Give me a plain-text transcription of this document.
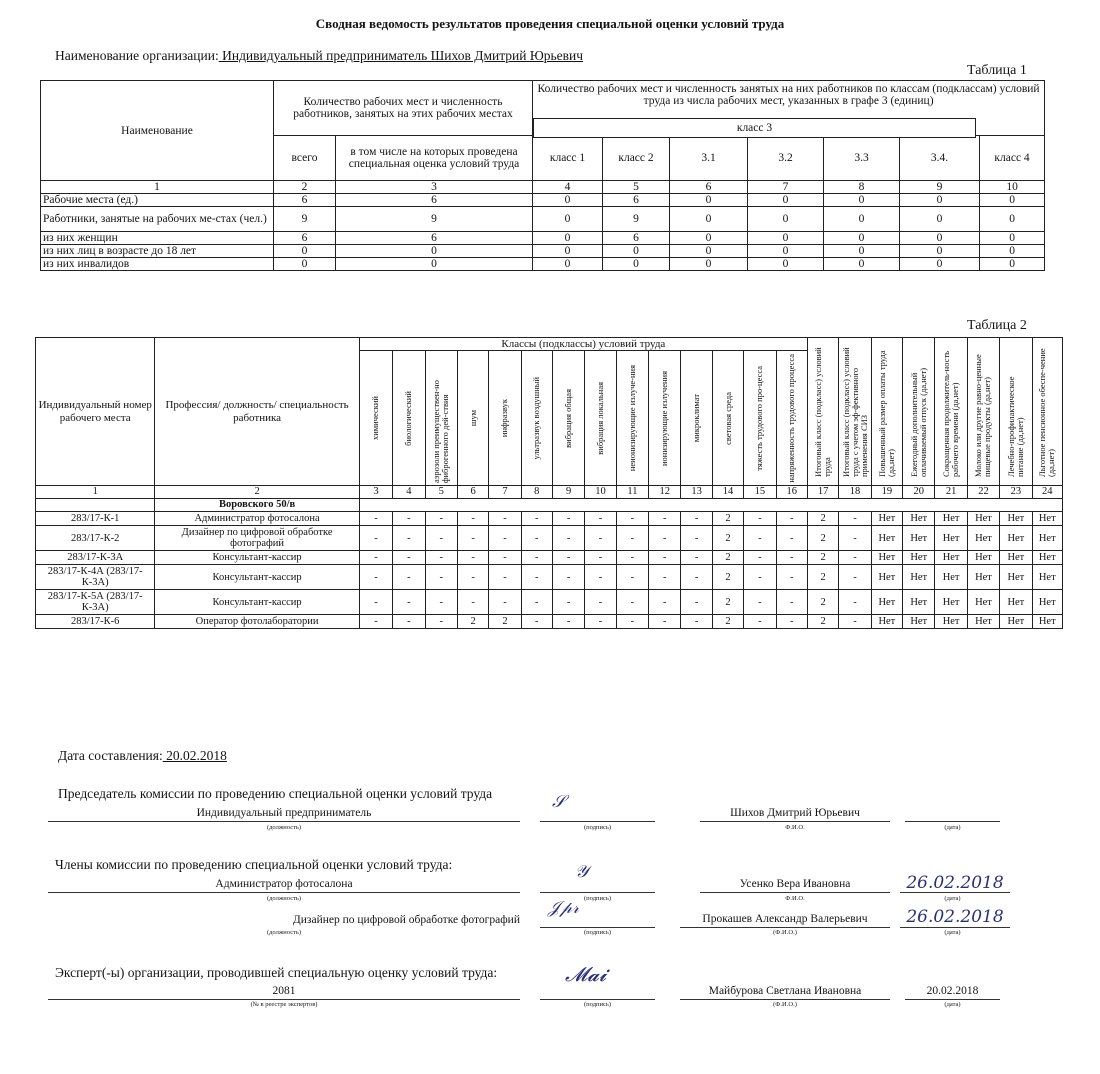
Сводная ведомость результатов проведения специальной оценки условий труда
Наименование организации: Индивидуальный предприниматель Шихов Дмитрий Юрьевич
Таблица 1
Наименование	Количество рабочих мест и численность работников, занятых на этих рабочих местах		Количество рабочих мест и численность занятых на них работников по классам (подклассам) условий труда из числа рабочих мест, указанных в графе 3 (единиц)						
	всего	в том числе на которых проведена специальная оценка условий труда	класс 1	класс 2	3.1	3.2	3.3	3.4.	класс 4
1	2	3	4	5	6	7	8	9	10
Рабочие места (ед.)	6	6	0	6	0	0	0	0	0
Работники, занятые на рабочих ме-стах (чел.)	9	9	0	9	0	0	0	0	0
из них женщин	6	6	0	6	0	0	0	0	0
из них лиц в возрасте до 18 лет	0	0	0	0	0	0	0	0	0
из них инвалидов	0	0	0	0	0	0	0	0	0
класс 3
Таблица 2
Индивидуальный номер рабочего места	Профессия/ должность/ специальность работника	Классы (подклассы) условий труда														Итоговый класс (подкласс) условий труда	Итоговый класс (подкласс) условий труда с учетом эф-фективного применения СИЗ	Повышенный размер оплаты труда (да,нет)	Ежегодный дополнительный оплачиваемый отпуск (да,нет)	Сокращенная продолжитель-ность рабочего времени (да,нет)	Молоко или другие равно-ценные пищевые продукты (да,нет)	Лечебно-профилактическое питание (да,нет)	Льготное пенсионное обеспе-чение (да,нет)

		химический	биологический	аэрозоли преимуществен-но фиброгенного дей-ствия	шум	инфразвук	ультразвук воздушный	вибрация общая	вибрация локальная	неионизирующие излуче-ния	ионизирующие излучения	микроклимат	световая среда	тяжесть трудового про-цесса	напряженность трудового процесса								

1	2	3	4	5	6	7	8	9	10	11	12	13	14	15	16	17	18	19	20	21	22	23	24
	Воровского 50/в																						
283/17-К-1	Администратор фотосалона	-	-	-	-	-	-	-	-	-	-	-	2	-	-	2	-	Нет	Нет	Нет	Нет	Нет	Нет
283/17-К-2	Дизайнер по цифровой обработке фотографий	-	-	-	-	-	-	-	-	-	-	-	2	-	-	2	-	Нет	Нет	Нет	Нет	Нет	Нет
283/17-К-3А	Консультант-кассир	-	-	-	-	-	-	-	-	-	-	-	2	-	-	2	-	Нет	Нет	Нет	Нет	Нет	Нет
283/17-К-4А (283/17-К-3А)	Консультант-кассир	-	-	-	-	-	-	-	-	-	-	-	2	-	-	2	-	Нет	Нет	Нет	Нет	Нет	Нет
283/17-К-5А (283/17-К-3А)	Консультант-кассир	-	-	-	-	-	-	-	-	-	-	-	2	-	-	2	-	Нет	Нет	Нет	Нет	Нет	Нет
283/17-К-6	Оператор фотолаборатории	-	-	-	2	2	-	-	-	-	-	-	2	-	-	2	-	Нет	Нет	Нет	Нет	Нет	Нет
Дата составления: 20.02.2018
Председатель комиссии по проведению специальной оценки условий труда
Индивидуальный предприниматель
(должность)	(подпись)
𝒮
Шихов Дмитрий Юрьевич
Ф.И.О.	(дата)
Члены комиссии по проведению специальной оценки условий труда:
Администратор фотосалона
(должность)	(подпись)
𝒴
Усенко Вера Ивановна
Ф.И.О.
26.02.2018
(дата)
Дизайнер по цифровой обработке фотографий
(должность)	(подпись)
𝒥𝓅𝓇
Прокашев Александр Валерьевич
(Ф.И.О.)
26.02.2018
(дата)
Эксперт(-ы) организации, проводившей специальную оценку условий труда:
2081
(№ в реестре экспертов)	(подпись)
𝓜𝓪𝓲
Майбурова Светлана Ивановна
(Ф.И.О.)
20.02.2018
(дата)
